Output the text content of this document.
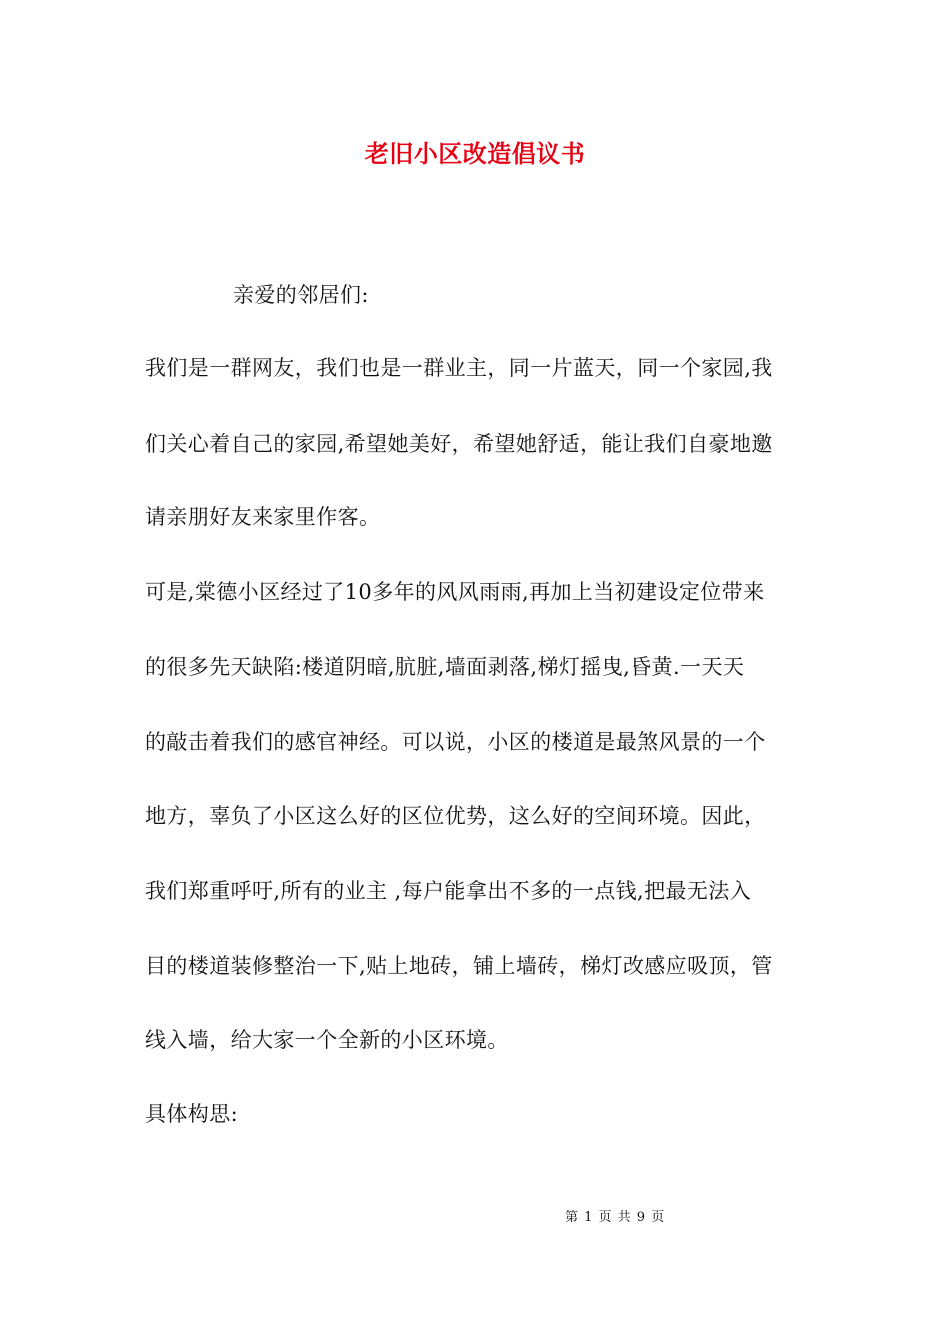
老旧小区改造倡议书
亲爱的邻居们:
我们是一群网友，我们也是一群业主，同一片蓝天，同一个家园,我
们关心着自己的家园,希望她美好，希望她舒适，能让我们自豪地邀
请亲朋好友来家里作客。
可是,棠德小区经过了10多年的风风雨雨,再加上当初建设定位带来
的很多先天缺陷:楼道阴暗,肮脏,墙面剥落,梯灯摇曳,昏黄.一天天
的敲击着我们的感官神经。可以说，小区的楼道是最煞风景的一个
地方，辜负了小区这么好的区位优势，这么好的空间环境。因此，
我们郑重呼吁,所有的业主 ,每户能拿出不多的一点钱,把最无法入
目的楼道装修整治一下,贴上地砖，铺上墙砖，梯灯改感应吸顶，管
线入墙，给大家一个全新的小区环境。
具体构思:
第 1 页 共 9 页
